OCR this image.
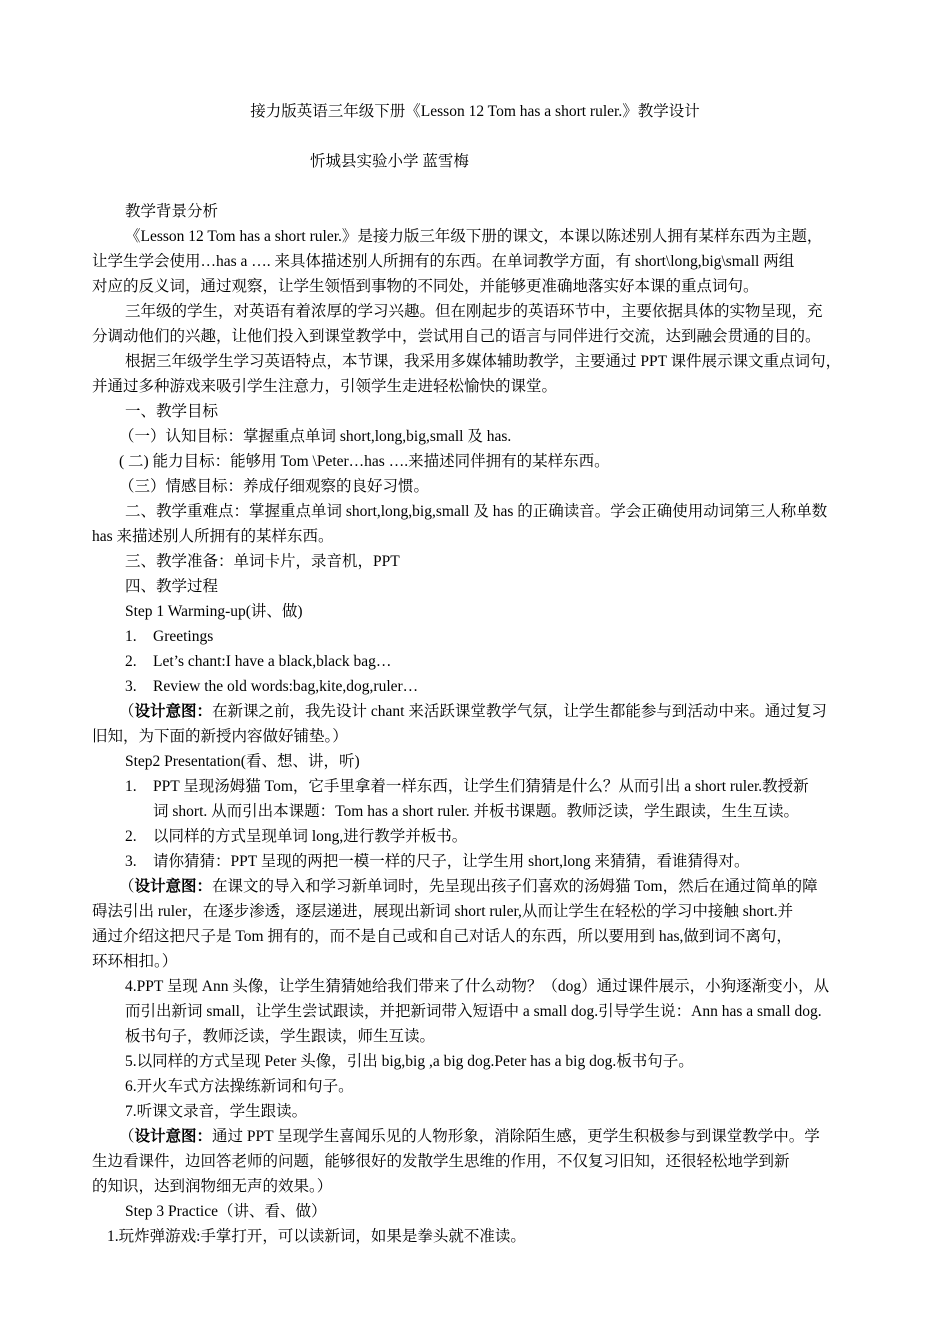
接力版英语三年级下册《Lesson 12 Tom has a short ruler.》教学设计
忻城县实验小学 蓝雪梅
教学背景分析
《Lesson 12 Tom has a short ruler.》是接力版三年级下册的课文，本课以陈述别人拥有某样东西为主题，
让学生学会使用…has a …. 来具体描述别人所拥有的东西。在单词教学方面，有 short\long,big\small 两组
对应的反义词，通过观察，让学生领悟到事物的不同处，并能够更准确地落实好本课的重点词句。
三年级的学生，对英语有着浓厚的学习兴趣。但在刚起步的英语环节中，主要依据具体的实物呈现，充
分调动他们的兴趣，让他们投入到课堂教学中，尝试用自己的语言与同伴进行交流，达到融会贯通的目的。
根据三年级学生学习英语特点，本节课，我采用多媒体辅助教学，主要通过 PPT 课件展示课文重点词句，
并通过多种游戏来吸引学生注意力，引领学生走进轻松愉快的课堂。
一、教学目标
（一）认知目标：掌握重点单词 short,long,big,small 及 has.
( 二) 能力目标：能够用 Tom \Peter…has ….来描述同伴拥有的某样东西。
（三）情感目标：养成仔细观察的良好习惯。
二、教学重难点：掌握重点单词 short,long,big,small 及 has 的正确读音。学会正确使用动词第三人称单数
has 来描述别人所拥有的某样东西。
三、教学准备：单词卡片，录音机，PPT
四、教学过程
Step 1 Warming-up(讲、做)
1. Greetings
2. Let’s chant:I have a black,black bag…
3. Review the old words:bag,kite,dog,ruler…
（设计意图：在新课之前，我先设计 chant 来活跃课堂教学气氛，让学生都能参与到活动中来。通过复习
旧知，为下面的新授内容做好铺垫。）
Step2 Presentation(看、想、讲，听)
1. PPT 呈现汤姆猫 Tom，它手里拿着一样东西，让学生们猜猜是什么？从而引出 a short ruler.教授新
词 short. 从而引出本课题：Tom has a short ruler. 并板书课题。教师泛读，学生跟读，生生互读。
2. 以同样的方式呈现单词 long,进行教学并板书。
3. 请你猜猜：PPT 呈现的两把一模一样的尺子，让学生用 short,long 来猜猜，看谁猜得对。
（设计意图：在课文的导入和学习新单词时，先呈现出孩子们喜欢的汤姆猫 Tom，然后在通过简单的障
碍法引出 ruler，在逐步渗透，逐层递进，展现出新词 short ruler,从而让学生在轻松的学习中接触 short.并
通过介绍这把尺子是 Tom 拥有的，而不是自己或和自己对话人的东西，所以要用到 has,做到词不离句，
环环相扣。）
4.PPT 呈现 Ann 头像，让学生猜猜她给我们带来了什么动物？（dog）通过课件展示，小狗逐渐变小，从
而引出新词 small，让学生尝试跟读，并把新词带入短语中 a small dog.引导学生说：Ann has a small dog.
板书句子，教师泛读，学生跟读，师生互读。
5.以同样的方式呈现 Peter 头像，引出 big,big ,a big dog.Peter has a big dog.板书句子。
6.开火车式方法操练新词和句子。
7.听课文录音，学生跟读。
（设计意图：通过 PPT 呈现学生喜闻乐见的人物形象，消除陌生感，更学生积极参与到课堂教学中。学
生边看课件，边回答老师的问题，能够很好的发散学生思维的作用，不仅复习旧知，还很轻松地学到新
的知识，达到润物细无声的效果。）
Step 3 Practice（讲、看、做）
1.玩炸弹游戏:手掌打开，可以读新词，如果是拳头就不准读。
